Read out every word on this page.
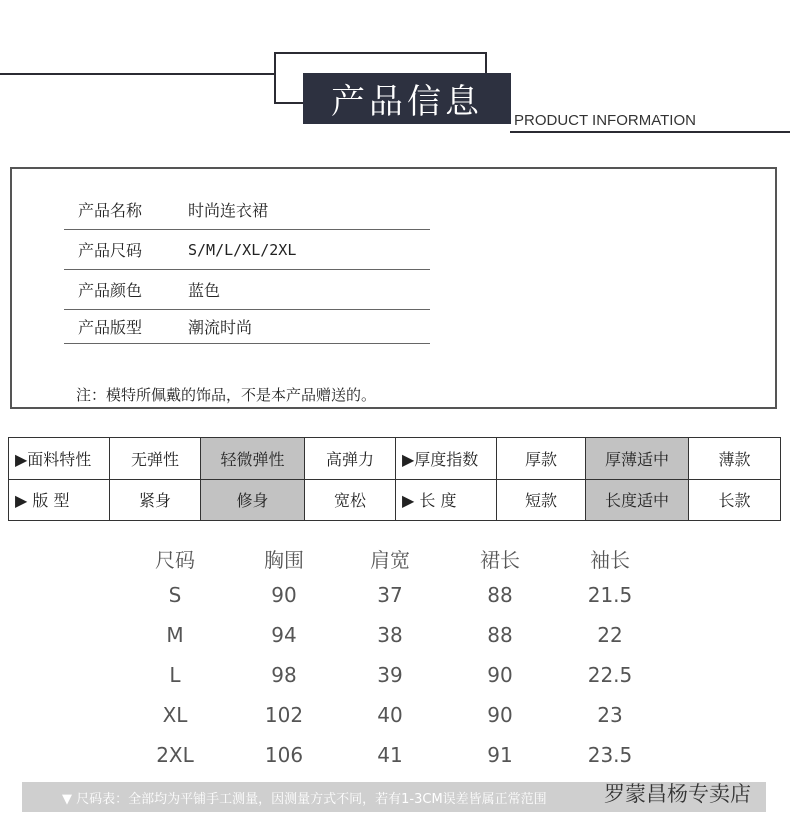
产品信息	PRODUCT INFORMATION
产品名称	时尚连衣裙
产品尺码	S/M/L/XL/2XL
产品颜色	蓝色
产品版型	潮流时尚
注：模特所佩戴的饰品，不是本产品赠送的。
▶面料特性	无弹性	轻微弹性	高弹力	▶厚度指数	厚款	厚薄适中	薄款
▶ 版 型	紧身	修身	宽松	▶ 长 度	短款	长度适中	长款
尺码	胸围	肩宽	裙长	袖长
S	90	37	88	21.5
M	94	38	88	22
L	98	39	90	22.5
XL	102	40	90	23
2XL	106	41	91	23.5
▼ 尺码表：全部均为平铺手工测量，因测量方式不同，若有1-3CM误差皆属正常范围	罗蒙昌杨专卖店
